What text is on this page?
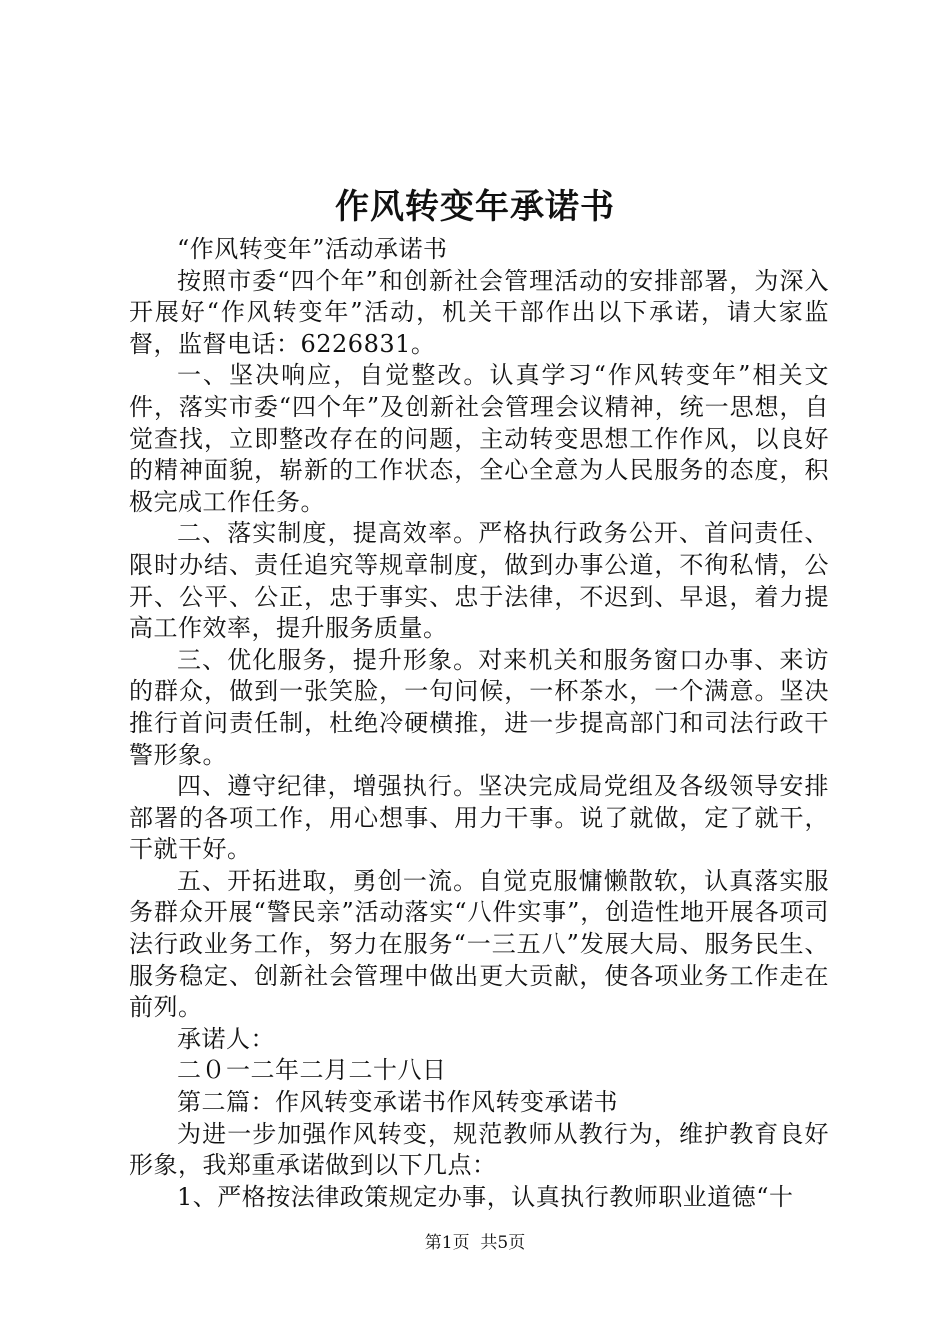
作风转变年承诺书

“作风转变年”活动承诺书

按照市委“四个年”和创新社会管理活动的安排部署，为深入开展好“作风转变年”活动，机关干部作出以下承诺，请大家监督，监督电话：6226831。

一、坚决响应，自觉整改。认真学习“作风转变年”相关文件，落实市委“四个年”及创新社会管理会议精神，统一思想，自觉查找，立即整改存在的问题，主动转变思想工作作风，以良好的精神面貌，崭新的工作状态，全心全意为人民服务的态度，积极完成工作任务。

二、落实制度，提高效率。严格执行政务公开、首问责任、限时办结、责任追究等规章制度，做到办事公道，不徇私情，公开、公平、公正，忠于事实、忠于法律，不迟到、早退，着力提高工作效率，提升服务质量。

三、优化服务，提升形象。对来机关和服务窗口办事、来访的群众，做到一张笑脸，一句问候，一杯茶水，一个满意。坚决推行首问责任制，杜绝冷硬横推，进一步提高部门和司法行政干警形象。

四、遵守纪律，增强执行。坚决完成局党组及各级领导安排部署的各项工作，用心想事、用力干事。说了就做，定了就干，干就干好。

五、开拓进取，勇创一流。自觉克服慵懒散软，认真落实服务群众开展“警民亲”活动落实“八件实事”，创造性地开展各项司法行政业务工作，努力在服务“一三五八”发展大局、服务民生、服务稳定、创新社会管理中做出更大贡献，使各项业务工作走在前列。

承诺人：

二０一二年二月二十八日

第二篇：作风转变承诺书作风转变承诺书

为进一步加强作风转变，规范教师从教行为，维护教育良好形象，我郑重承诺做到以下几点：

1、严格按法律政策规定办事，认真执行教师职业道德“十

第1页  共5页
